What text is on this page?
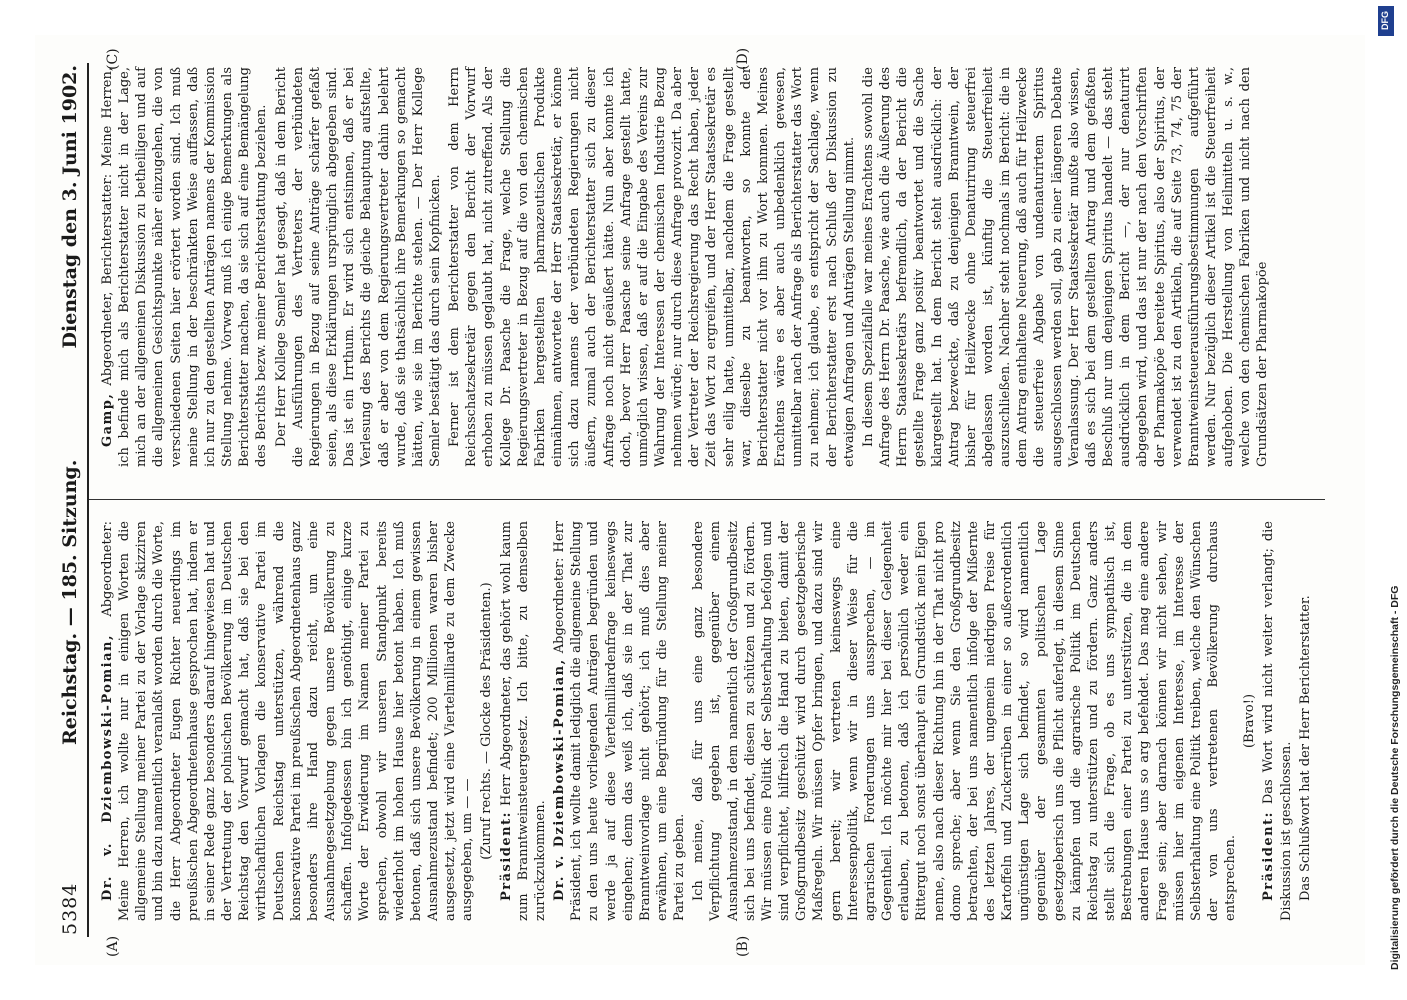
5384
Reichstag. — 185. Sitzung.
Dienstag den 3. Juni 1902.
(A)	(B)
(C)	(D)

Dr. v. Dziembowski-Pomian, Abgeordneter: Meine Herren, ich wollte nur in einigen Worten die allgemeine Stellung meiner Partei zu der Vorlage skizziren und bin dazu namentlich veranlaßt worden durch die Worte, die Herr Abgeordneter Eugen Richter neuerdings im preußischen Abgeordnetenhause gesprochen hat, indem er in seiner Rede ganz besonders darauf hingewiesen hat und der Vertretung der polnischen Bevölkerung im Deutschen Reichstag den Vorwurf gemacht hat, daß sie bei den wirthschaftlichen Vorlagen die konservative Partei im Deutschen Reichstag unterstützen, während die konservative Partei im preußischen Abgeordnetenhaus ganz besonders ihre Hand dazu reicht, um eine Ausnahmegesetzgebung gegen unsere Bevölkerung zu schaffen. Infolgedessen bin ich genöthigt, einige kurze Worte der Erwiderung im Namen meiner Partei zu sprechen, obwohl wir unseren Standpunkt bereits wiederholt im hohen Hause hier betont haben. Ich muß betonen, daß sich unsere Bevölkerung in einem gewissen Ausnahmezustand befindet; 200 Millionen waren bisher ausgesetzt, jetzt wird eine Viertelmilliarde zu dem Zwecke ausgegeben, um — — (Zuruf rechts. — Glocke des Präsidenten.) Präsident: Herr Abgeordneter, das gehört wohl kaum zum Branntweinsteuergesetz. Ich bitte, zu demselben zurückzukommen. Dr. v. Dziembowski-Pomian, Abgeordneter: Herr Präsident, ich wollte damit lediglich die allgemeine Stellung zu den uns heute vorliegenden Anträgen begründen und werde ja auf diese Viertelmilliardenfrage keineswegs eingehen; denn das weiß ich, daß sie in der That zur Branntweinvorlage nicht gehört; ich muß dies aber erwähnen, um eine Begründung für die Stellung meiner Partei zu geben. Ich meine, daß für uns eine ganz besondere Verpflichtung gegeben ist, gegenüber einem Ausnahmezustand, in dem namentlich der Großgrundbesitz sich bei uns befindet, diesen zu schützen und zu fördern. Wir müssen eine Politik der Selbsterhaltung befolgen und sind verpflichtet, hilfreich die Hand zu bieten, damit der Großgrundbesitz geschützt wird durch gesetzgeberische Maßregeln. Wir müssen Opfer bringen, und dazu sind wir gern bereit; wir vertreten keineswegs eine Interessenpolitik, wenn wir in dieser Weise für die agrarischen Forderungen uns aussprechen, — im Gegentheil. Ich möchte mir hier bei dieser Gelegenheit erlauben, zu betonen, daß ich persönlich weder ein Rittergut noch sonst überhaupt ein Grundstück mein Eigen nenne, also nach dieser Richtung hin in der That nicht pro domo spreche; aber wenn Sie den Großgrundbesitz betrachten, der bei uns namentlich infolge der Mißernte des letzten Jahres, der ungemein niedrigen Preise für Kartoffeln und Zuckerrüben in einer so außerordentlich ungünstigen Lage sich befindet, so wird namentlich gegenüber der gesammten politischen Lage gesetzgeberisch uns die Pflicht auferlegt, in diesem Sinne zu kämpfen und die agrarische Politik im Deutschen Reichstag zu unterstützen und zu fördern. Ganz anders stellt sich die Frage, ob es uns sympathisch ist, Bestrebungen einer Partei zu unterstützen, die in dem anderen Hause uns so arg befehdet. Das mag eine andere Frage sein; aber darnach können wir nicht sehen, wir müssen hier im eigenen Interesse, im Interesse der Selbsterhaltung eine Politik treiben, welche den Wünschen der von uns vertretenen Bevölkerung durchaus entsprechen.

(Bravo!)

Präsident: Das Wort wird nicht weiter verlangt; die Diskussion ist geschlossen. Das Schlußwort hat der Herr Berichterstatter.

Gamp, Abgeordneter, Berichterstatter: Meine Herren, ich befinde mich als Berichterstatter nicht in der Lage, mich an der allgemeinen Diskussion zu betheiligen und auf die allgemeinen Gesichtspunkte näher einzugehen, die von verschiedenen Seiten hier erörtert worden sind. Ich muß meine Stellung in der beschränkten Weise auffassen, daß ich nur zu den gestellten Anträgen namens der Kommission Stellung nehme. Vorweg muß ich einige Bemerkungen als Berichterstatter machen, da sie sich auf eine Bemängelung des Berichts bezw. meiner Berichterstattung beziehen. Der Herr Kollege Semler hat gesagt, daß in dem Bericht die Ausführungen des Vertreters der verbündeten Regierungen in Bezug auf seine Anträge schärfer gefaßt seien, als diese Erklärungen ursprünglich abgegeben sind. Das ist ein Irrthum. Er wird sich entsinnen, daß er bei Verlesung des Berichts die gleiche Behauptung aufstellte, daß er aber von dem Regierungsvertreter dahin belehrt wurde, daß sie thatsächlich ihre Bemerkungen so gemacht hätten, wie sie im Berichte stehen. — Der Herr Kollege Semler bestätigt das durch sein Kopfnicken. Ferner ist dem Berichterstatter von dem Herrn Reichsschatzsekretär gegen den Bericht der Vorwurf erhoben zu müssen geglaubt hat, nicht zutreffend. Als der Kollege Dr. Paasche die Frage, welche Stellung die Regierungsvertreter in Bezug auf die von den chemischen Fabriken hergestellten pharmazeutischen Produkte einnähmen, antwortete der Herr Staatssekretär, er könne sich dazu namens der verbündeten Regierungen nicht äußern, zumal auch der Berichterstatter sich zu dieser Anfrage noch nicht geäußert hätte. Nun aber konnte ich doch, bevor Herr Paasche seine Anfrage gestellt hatte, unmöglich wissen, daß er auf die Eingabe des Vereins zur Wahrung der Interessen der chemischen Industrie Bezug nehmen würde; nur durch diese Anfrage provozirt. Da aber der Vertreter der Reichsregierung das Recht haben, jeder Zeit das Wort zu ergreifen, und der Herr Staatssekretär es sehr eilig hatte, unmittelbar, nachdem die Frage gestellt war, dieselbe zu beantworten, so konnte der Berichterstatter nicht vor ihm zu Wort kommen. Meines Erachtens wäre es aber auch unbedenklich gewesen, unmittelbar nach der Anfrage als Berichterstatter das Wort zu nehmen; ich glaube, es entspricht der Sachlage, wenn der Berichterstatter erst nach Schluß der Diskussion zu etwaigen Anfragen und Anträgen Stellung nimmt. In diesem Spezialfalle war meines Erachtens sowohl die Anfrage des Herrn Dr. Paasche, wie auch die Äußerung des Herrn Staatssekretärs befremdlich, da der Bericht die gestellte Frage ganz positiv beantwortet und die Sache klargestellt hat. In dem Bericht steht ausdrücklich: der Antrag bezweckte, daß zu denjenigen Branntwein, der bisher für Heilzwecke ohne Denaturirung steuerfrei abgelassen worden ist, künftig die Steuerfreiheit auszuschließen. Nachher steht nochmals im Bericht: die in dem Antrag enthaltene Neuerung, daß auch für Heilzwecke die steuerfreie Abgabe von undenaturirtem Spiritus ausgeschlossen werden soll, gab zu einer längeren Debatte Veranlassung. Der Herr Staatssekretär mußte also wissen, daß es sich bei dem gestellten Antrag und dem gefaßten Beschluß nur um denjenigen Spiritus handelt — das steht ausdrücklich in dem Bericht —, der nur denaturirt abgegeben wird, und das ist nur der nach den Vorschriften der Pharmakopöe bereitete Spiritus, also der Spiritus, der verwendet ist zu den Artikeln, die auf Seite 73, 74, 75 der Branntweinsteuerausführungsbestimmungen aufgeführt werden. Nur bezüglich dieser Artikel ist die Steuerfreiheit aufgehoben. Die Herstellung von Heilmitteln u. s. w., welche von den chemischen Fabriken und nicht nach den Grundsätzen der Pharmakopöe

DFG
Digitalisierung gefördert durch die Deutsche Forschungsgemeinschaft - DFG
